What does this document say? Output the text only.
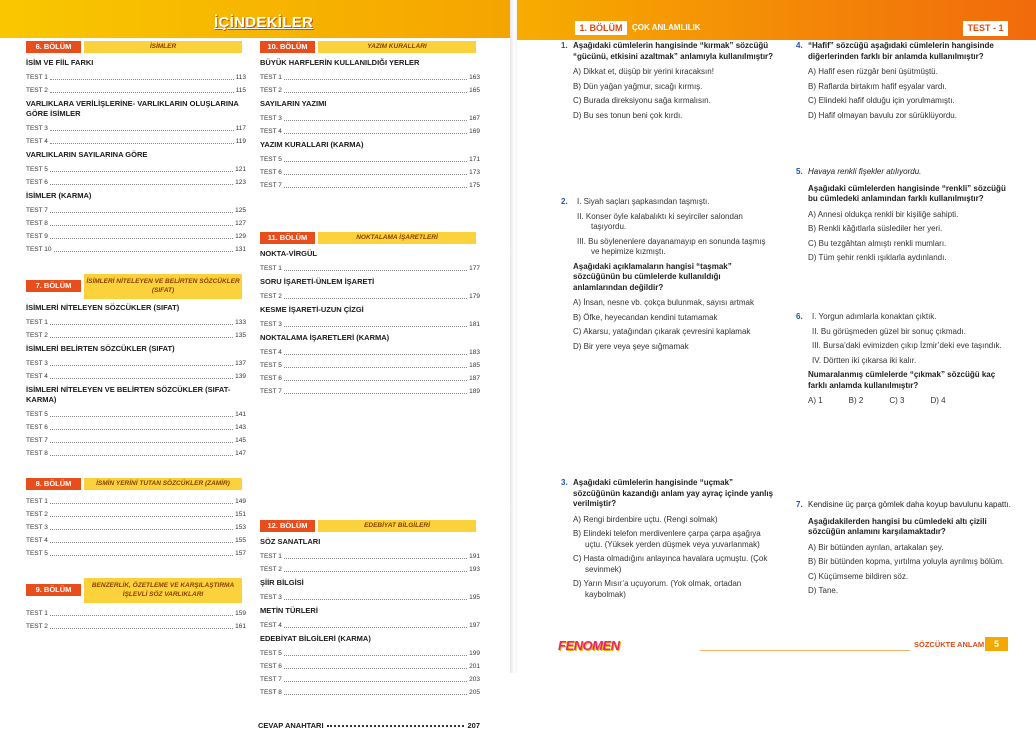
İÇİNDEKİLER
6. BÖLÜM	İSİMLER
İSİM VE FİİL FARKI
TEST 1	113
TEST 2	115
VARLIKLARA VERİLİŞLERİNE- VARLIKLARIN OLUŞLARINA GÖRE İSİMLER
TEST 3	117
TEST 4	119
VARLIKLARIN SAYILARINA GÖRE
TEST 5	121
TEST 6	123
İSİMLER (KARMA)
TEST 7	125
TEST 8	127
TEST 9	129
TEST 10	131
7. BÖLÜM	İSİMLERİ NİTELEYEN VE BELİRTEN SÖZCÜKLER (SIFAT)
İSİMLERİ NİTELEYEN SÖZCÜKLER (SIFAT)
TEST 1	133
TEST 2	135
İSİMLERİ BELİRTEN SÖZCÜKLER (SIFAT)
TEST 3	137
TEST 4	139
İSİMLERİ NİTELEYEN VE BELİRTEN SÖZCÜKLER (SIFAT- KARMA)
TEST 5	141
TEST 6	143
TEST 7	145
TEST 8	147
8. BÖLÜM	İSMİN YERİNİ TUTAN SÖZCÜKLER (ZAMİR)
TEST 1	149
TEST 2	151
TEST 3	153
TEST 4	155
TEST 5	157
9. BÖLÜM	BENZERLİK, ÖZETLEME VE KARŞILAŞTIRMA İŞLEVLİ SÖZ VARLIKLARI
TEST 1	159
TEST 2	161
10. BÖLÜM	YAZIM KURALLARI
BÜYÜK HARFLERİN KULLANILDIĞI YERLER
TEST 1	163
TEST 2	165
SAYILARIN YAZIMI
TEST 3	167
TEST 4	169
YAZIM KURALLARI (KARMA)
TEST 5	171
TEST 6	173
TEST 7	175
11. BÖLÜM	NOKTALAMA İŞARETLERİ
NOKTA-VİRGÜL
TEST 1	177
SORU İŞARETİ-ÜNLEM İŞARETİ
TEST 2	179
KESME İŞARETİ-UZUN ÇİZGİ
TEST 3	181
NOKTALAMA İŞARETLERİ (KARMA)
TEST 4	183
TEST 5	185
TEST 6	187
TEST 7	189
12. BÖLÜM	EDEBİYAT BİLGİLERİ
SÖZ SANATLARI
TEST 1	191
TEST 2	193
ŞİİR BİLGİSİ
TEST 3	195
METİN TÜRLERİ
TEST 4	197
EDEBİYAT BİLGİLERİ (KARMA)
TEST 5	199
TEST 6	201
TEST 7	203
TEST 8	205
CEVAP ANAHTARI	207
1. BÖLÜM	ÇOK ANLAMLILIK	TEST - 1
1. Aşağıdaki cümlelerin hangisinde “kırmak” sözcüğü “gücünü, etkisini azaltmak” anlamıyla kullanılmıştır?
A) Dikkat et, düşüp bir yerini kıracaksın!
B) Dün yağan yağmur, sıcağı kırmış.
C) Burada direksiyonu sağa kırmalısın.
D) Bu ses tonun beni çok kırdı.
2.	I. Siyah saçları şapkasından taşmıştı.
II. Konser öyle kalabalıktı ki seyirciler salondan taşıyordu.
III. Bu söylenenlere dayanamayıp en sonunda taşmış ve hepimize kızmıştı.
Aşağıdaki açıklamaların hangisi “taşmak” sözcüğünün bu cümlelerde kullanıldığı anlamlarından değildir?
A) İnsan, nesne vb. çokça bulunmak, sayısı artmak
B) Öfke, heyecandan kendini tutamamak
C) Akarsu, yatağından çıkarak çevresini kaplamak
D) Bir yere veya şeye sığmamak
3. Aşağıdaki cümlelerin hangisinde “uçmak” sözcüğünün kazandığı anlam yay ayraç içinde yanlış verilmiştir?
A) Rengi birdenbire uçtu. (Rengi solmak)
B) Elindeki telefon merdivenlere çarpa çarpa aşağıya uçtu. (Yüksek yerden düşmek veya yuvarlanmak)
C) Hasta olmadığını anlayınca havalara uçmuştu. (Çok sevinmek)
D) Yarın Mısır’a uçuyorum. (Yok olmak, ortadan kaybolmak)
4. “Hafif” sözcüğü aşağıdaki cümlelerin hangisinde diğerlerinden farklı bir anlamda kullanılmıştır?
A) Hafif esen rüzgâr beni üşütmüştü.
B) Raflarda birtakım hafif eşyalar vardı.
C) Elindeki hafif olduğu için yorulmamıştı.
D) Hafif olmayan bavulu zor sürüklüyordu.
5. Havaya renkli fişekler atılıyordu.
Aşağıdaki cümlelerden hangisinde “renkli” sözcüğü bu cümledeki anlamından farklı kullanılmıştır?
A) Annesi oldukça renkli bir kişiliğe sahipti.
B) Renkli kâğıtlarla süslediler her yeri.
C) Bu tezgâhtan almıştı renkli mumları.
D) Tüm şehir renkli ışıklarla aydınlandı.
6.	I. Yorgun adımlarla konaktan çıktık.
II. Bu görüşmeden güzel bir sonuç çıkmadı.
III. Bursa’daki evimizden çıkıp İzmir’deki eve taşındık.
IV. Dörtten iki çıkarsa iki kalır.
Numaralanmış cümlelerde “çıkmak” sözcüğü kaç farklı anlamda kullanılmıştır?
A) 1	B) 2	C) 3	D) 4
7. Kendisine üç parça gömlek daha koyup bavulunu kapattı.
Aşağıdakilerden hangisi bu cümledeki altı çizili sözcüğün anlamını karşılamaktadır?
A) Bir bütünden ayrılan, artakalan şey.
B) Bir bütünden kopma, yırtılma yoluyla ayrılmış bölüm.
C) Küçümseme bildiren söz.
D) Tane.
FENOMEN	SÖZCÜKTE ANLAM	5
